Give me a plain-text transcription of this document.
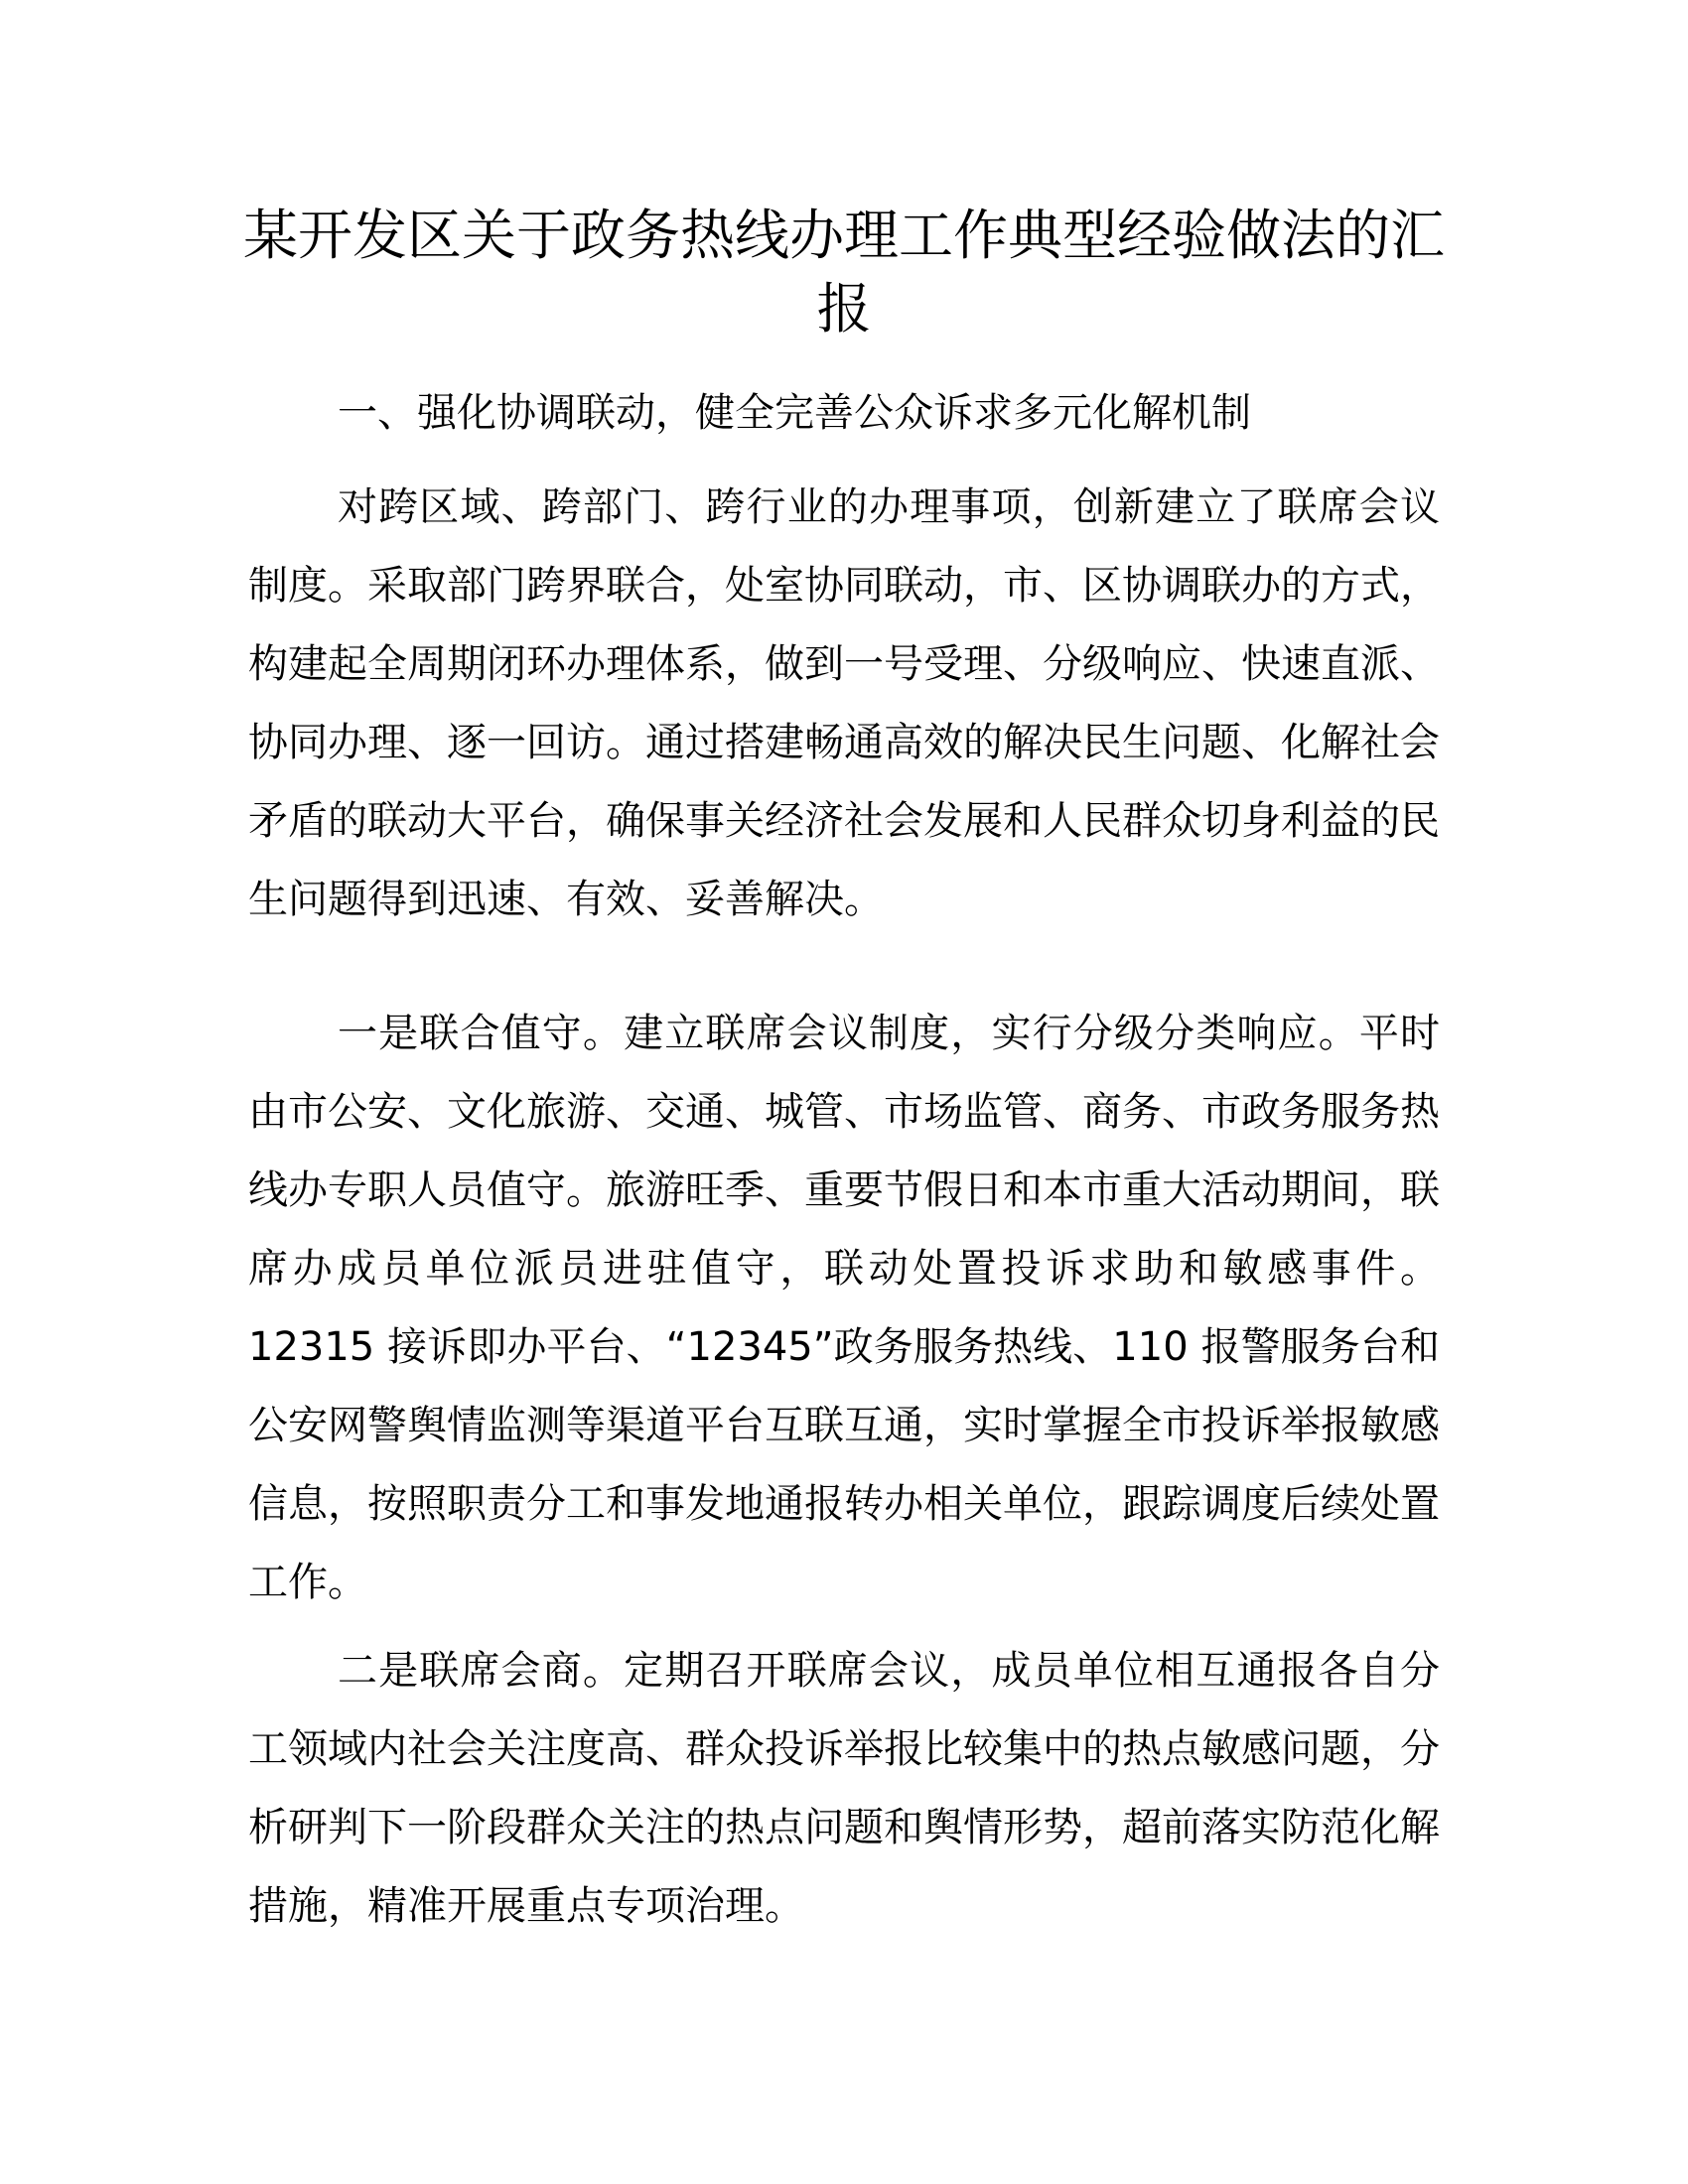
某开发区关于政务热线办理工作典型经验做法的汇报

一、强化协调联动，健全完善公众诉求多元化解机制

对跨区域、跨部门、跨行业的办理事项，创新建立了联席会议制度。采取部门跨界联合，处室协同联动，市、区协调联办的方式，构建起全周期闭环办理体系，做到一号受理、分级响应、快速直派、协同办理、逐一回访。通过搭建畅通高效的解决民生问题、化解社会矛盾的联动大平台，确保事关经济社会发展和人民群众切身利益的民生问题得到迅速、有效、妥善解决。

一是联合值守。建立联席会议制度，实行分级分类响应。平时由市公安、文化旅游、交通、城管、市场监管、商务、市政务服务热线办专职人员值守。旅游旺季、重要节假日和本市重大活动期间，联席办成员单位派员进驻值守，联动处置投诉求助和敏感事件。12315 接诉即办平台、“12345”政务服务热线、110 报警服务台和公安网警舆情监测等渠道平台互联互通，实时掌握全市投诉举报敏感信息，按照职责分工和事发地通报转办相关单位，跟踪调度后续处置工作。

二是联席会商。定期召开联席会议，成员单位相互通报各自分工领域内社会关注度高、群众投诉举报比较集中的热点敏感问题，分析研判下一阶段群众关注的热点问题和舆情形势，超前落实防范化解措施，精准开展重点专项治理。
